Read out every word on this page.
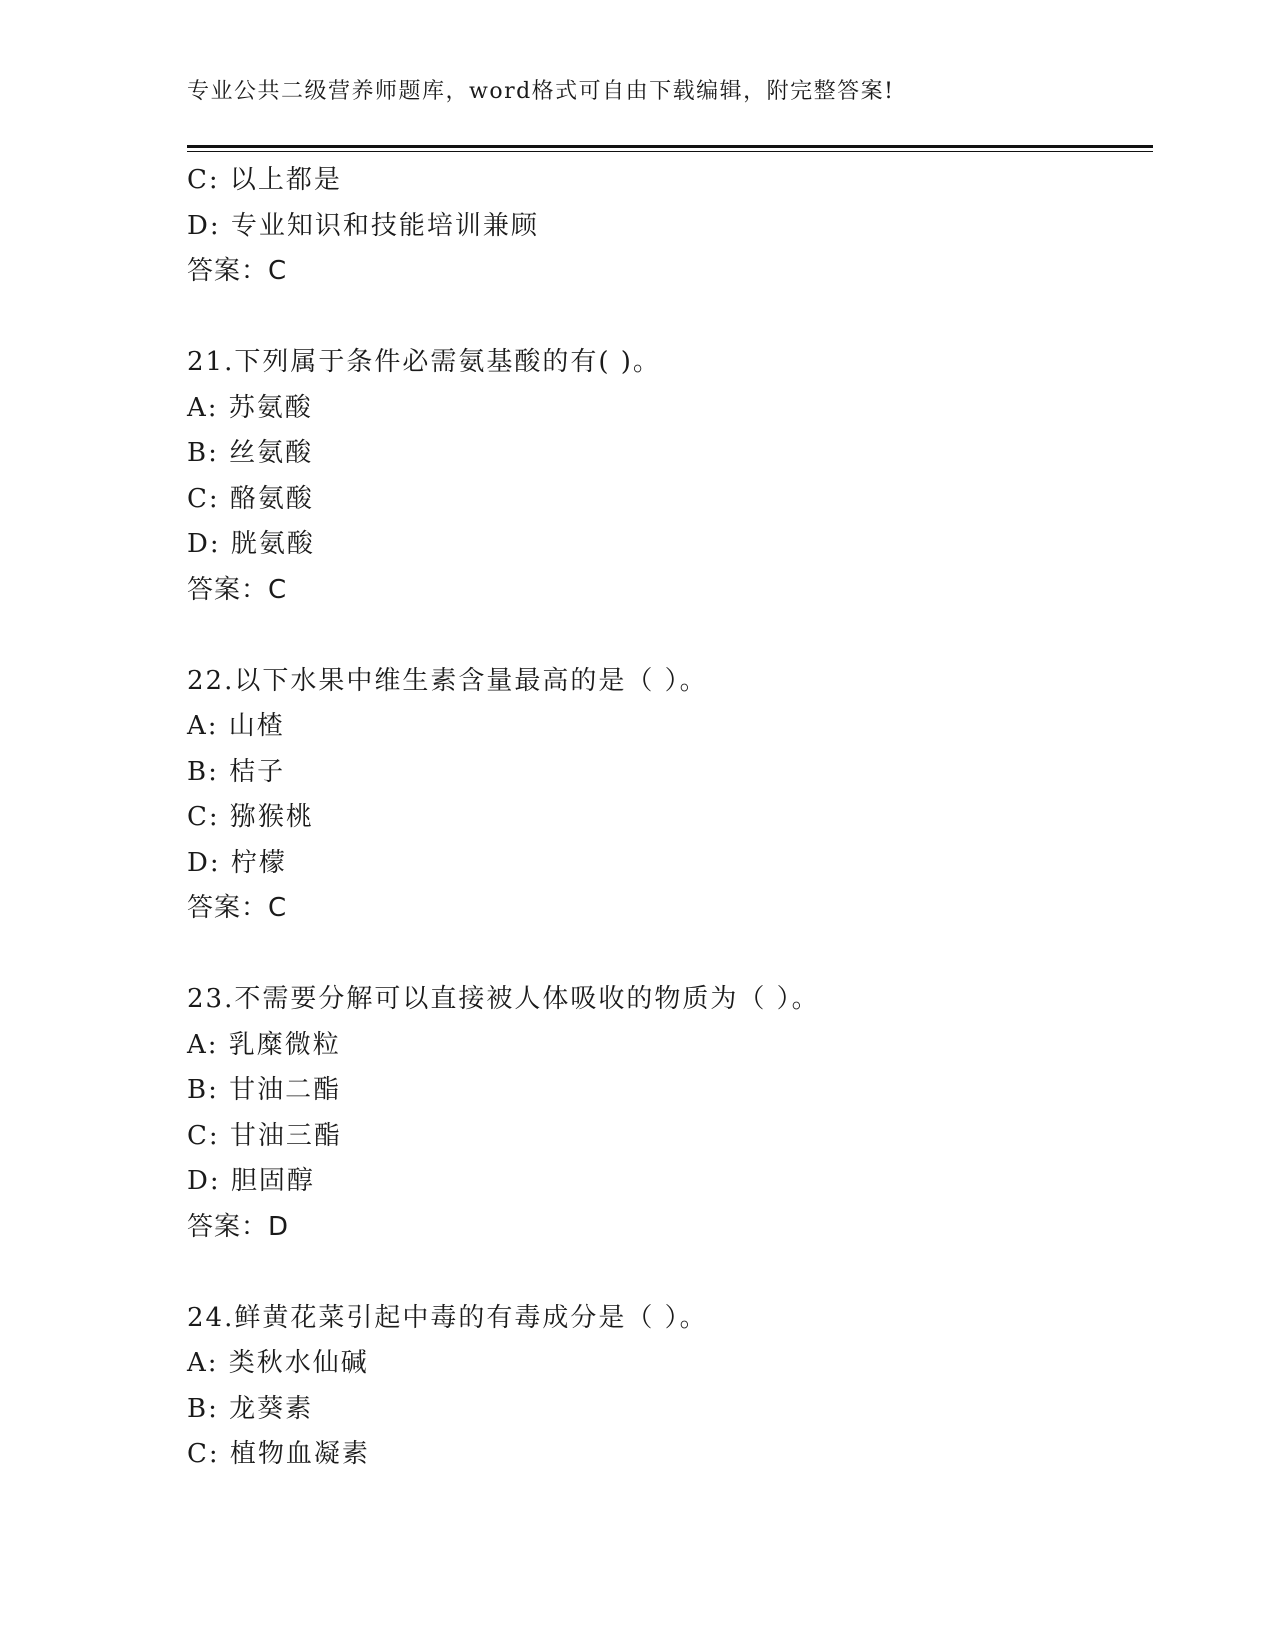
专业公共二级营养师题库，word格式可自由下载编辑，附完整答案!
C: 以上都是
D: 专业知识和技能培训兼顾
答案：C
21.下列属于条件必需氨基酸的有( )。
A: 苏氨酸
B: 丝氨酸
C: 酪氨酸
D: 胱氨酸
答案：C
22.以下水果中维生素含量最高的是（ ）。
A: 山楂
B: 桔子
C: 猕猴桃
D: 柠檬
答案：C
23.不需要分解可以直接被人体吸收的物质为（ ）。
A: 乳糜微粒
B: 甘油二酯
C: 甘油三酯
D: 胆固醇
答案：D
24.鲜黄花菜引起中毒的有毒成分是（ ）。
A: 类秋水仙碱
B: 龙葵素
C: 植物血凝素
